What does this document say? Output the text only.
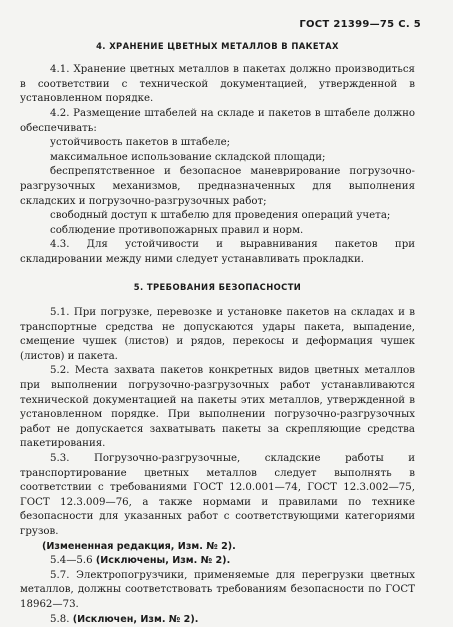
ГОСТ 21399—75 С. 5
4. ХРАНЕНИЕ ЦВЕТНЫХ МЕТАЛЛОВ В ПАКЕТАХ

4.1. Хранение цветных металлов в пакетах должно производиться в соответствии с технической документацией, утвержденной в установленном порядке.

4.2. Размещение штабелей на складе и пакетов в штабеле должно обеспечивать:

устойчивость пакетов в штабеле;

максимальное использование складской площади;

беспрепятственное и безопасное маневрирование погрузочно-разгрузочных механизмов, предназначенных для выполнения складских и погрузочно-разгрузочных работ;

свободный доступ к штабелю для проведения операций учета;

соблюдение противопожарных правил и норм.

4.3. Для устойчивости и выравнивания пакетов при складировании между ними следует устанавливать прокладки.

5. ТРЕБОВАНИЯ БЕЗОПАСНОСТИ

5.1. При погрузке, перевозке и установке пакетов на складах и в транспортные средства не допускаются удары пакета, выпадение, смещение чушек (листов) и рядов, перекосы и деформация чушек (листов) и пакета.

5.2. Места захвата пакетов конкретных видов цветных металлов при выполнении погрузочно-разгрузочных работ устанавливаются технической документацией на пакеты этих металлов, утвержденной в установленном порядке. При выполнении погрузочно-разгрузочных работ не допускается захватывать пакеты за скрепляющие средства пакетирования.

5.3. Погрузочно-разгрузочные, складские работы и транспортирование цветных металлов следует выполнять в соответствии с требованиями ГОСТ 12.0.001—74, ГОСТ 12.3.002—75, ГОСТ 12.3.009—76, а также нормами и правилами по технике безопасности для указанных работ с соответствующими категориями грузов.

(Измененная редакция, Изм. № 2).

5.4—5.6 (Исключены, Изм. № 2).

5.7. Электропогрузчики, применяемые для перегрузки цветных металлов, должны соответствовать требованиям безопасности по ГОСТ 18962—73.

5.8. (Исключен, Изм. № 2).
